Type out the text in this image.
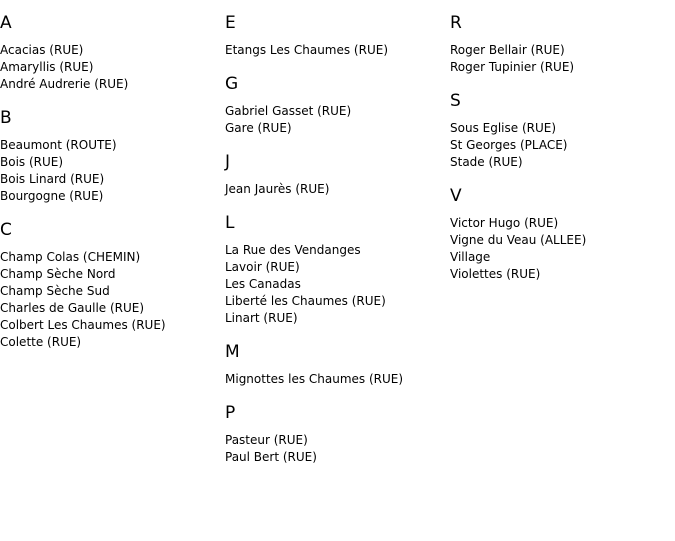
A
Acacias (RUE)
Amaryllis (RUE)
André Audrerie (RUE)
B
Beaumont (ROUTE)
Bois (RUE)
Bois Linard (RUE)
Bourgogne (RUE)
C
Champ Colas (CHEMIN)
Champ Sèche Nord
Champ Sèche Sud
Charles de Gaulle (RUE)
Colbert Les Chaumes (RUE)
Colette (RUE)
E
Etangs Les Chaumes (RUE)
G
Gabriel Gasset (RUE)
Gare (RUE)
J
Jean Jaurès (RUE)
L
La Rue des Vendanges
Lavoir (RUE)
Les Canadas
Liberté les Chaumes (RUE)
Linart (RUE)
M
Mignottes les Chaumes (RUE)
P
Pasteur (RUE)
Paul Bert (RUE)
R
Roger Bellair (RUE)
Roger Tupinier (RUE)
S
Sous Eglise (RUE)
St Georges (PLACE)
Stade (RUE)
V
Victor Hugo (RUE)
Vigne du Veau (ALLEE)
Village
Violettes (RUE)
